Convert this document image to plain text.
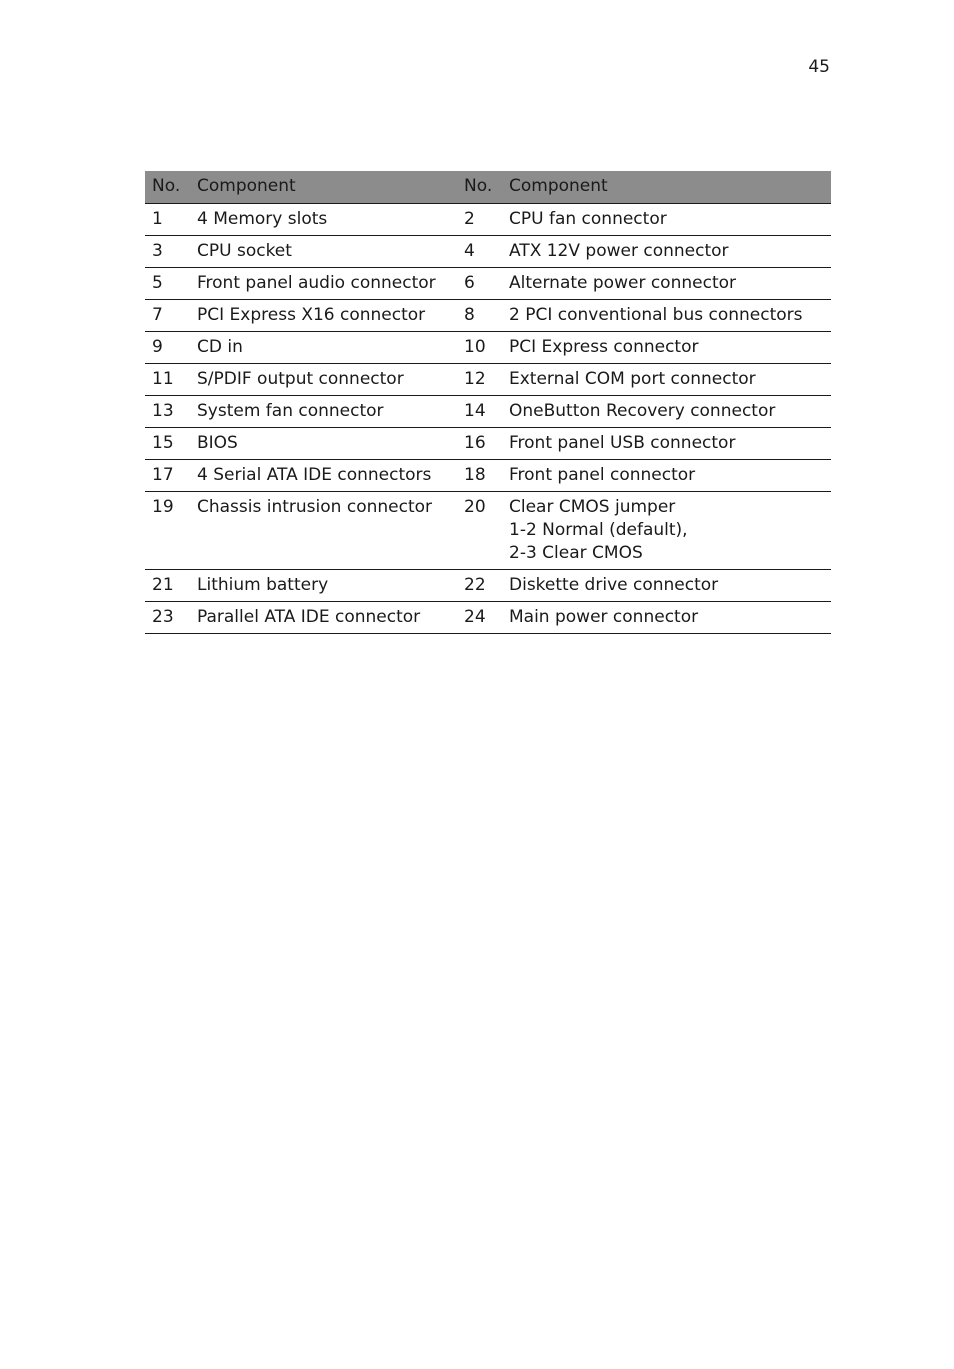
45
No.	Component	No.	Component
1	4 Memory slots	2	CPU fan connector

3	CPU socket	4	ATX 12V power connector

5	Front panel audio connector	6	Alternate power connector

7	PCI Express X16 connector	8	2 PCI conventional bus connectors

9	CD in	10	PCI Express connector

11	S/PDIF output connector	12	External COM port connector

13	System fan connector	14	OneButton Recovery connector

15	BIOS	16	Front panel USB connector

17	4 Serial ATA IDE connectors	18	Front panel connector

19	Chassis intrusion connector	20	Clear CMOS jumper
1-2 Normal (default),
2-3 Clear CMOS

21	Lithium battery	22	Diskette drive connector

23	Parallel ATA IDE connector	24	Main power connector
